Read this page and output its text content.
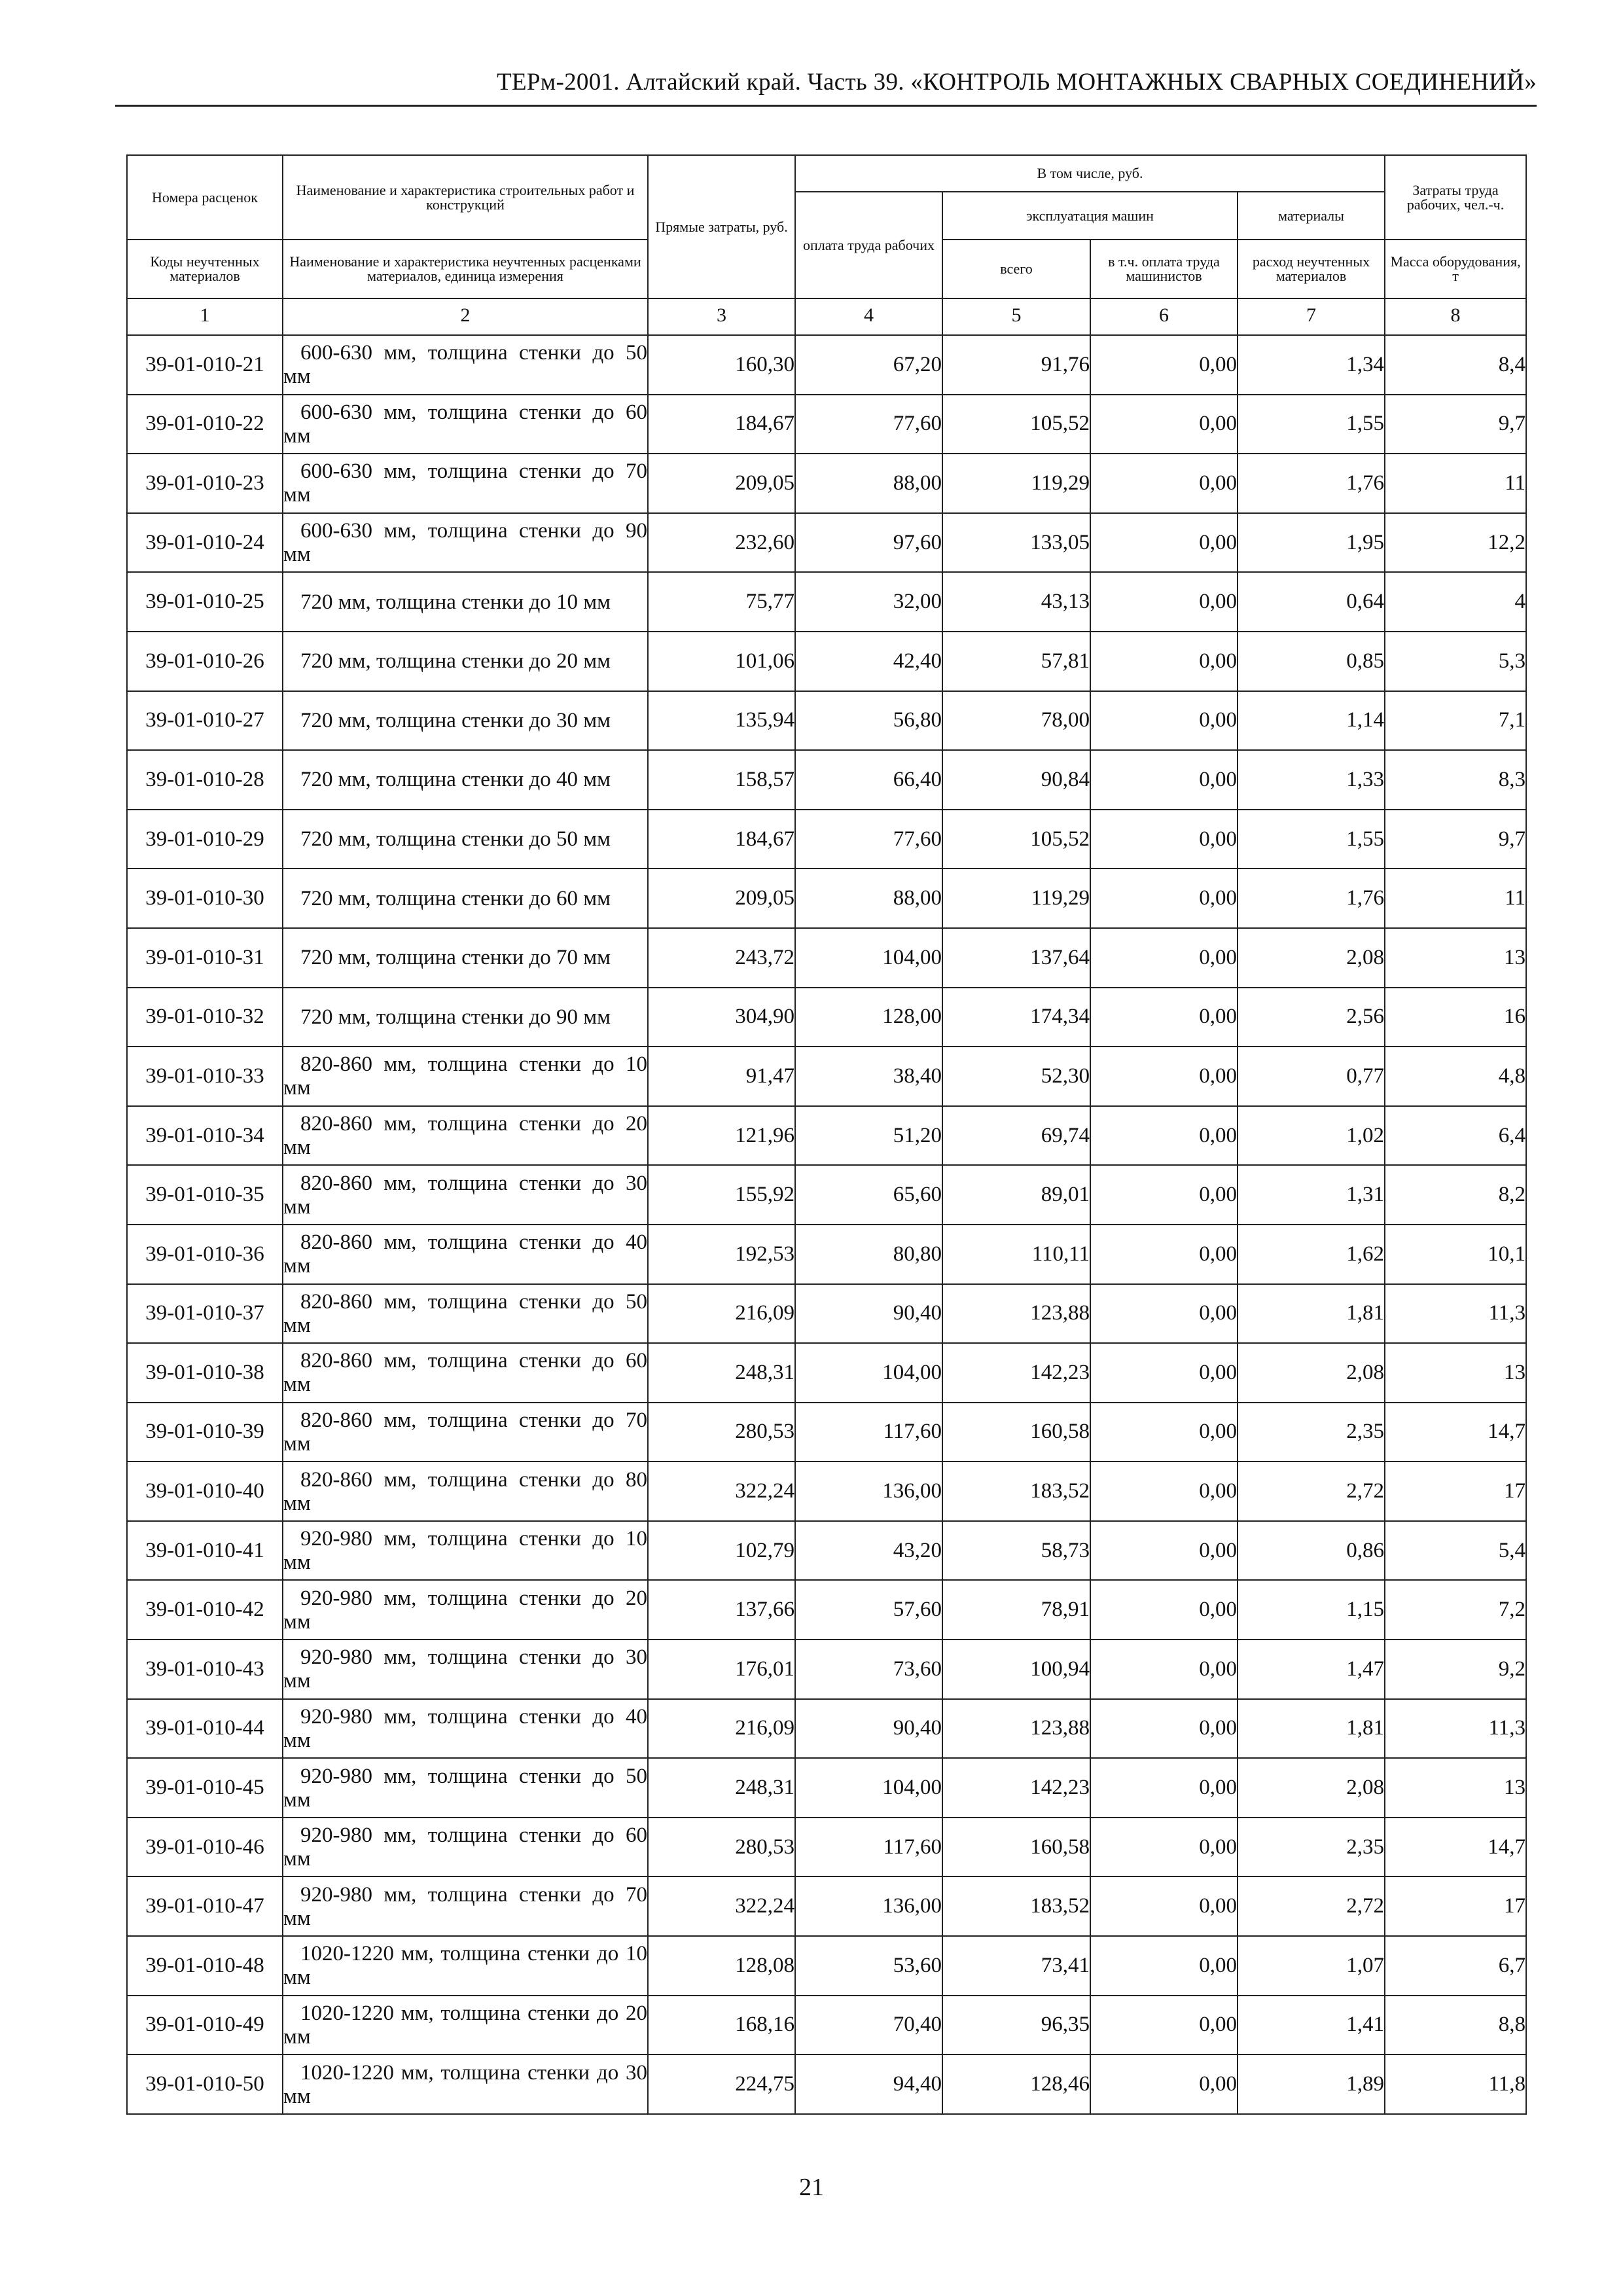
ТЕРм-2001. Алтайский край. Часть 39. «КОНТРОЛЬ МОНТАЖНЫХ СВАРНЫХ СОЕДИНЕНИЙ»
Номера расценок	Наименование и характеристика строительных работ и конструкций	Прямые затраты, руб.	В том числе, руб.				Затраты труда рабочих, чел.-ч.
			оплата труда рабочих	эксплуатация машин		материалы	
Коды неучтенных материалов	Наименование и характеристика неучтенных расценками материалов, единица измерения			всего	в т.ч. оплата труда машинистов	расход неучтенных материалов	Масса оборудования, т
1	2	3	4	5	6	7	8
39-01-010-21	600-630 мм, толщина стенки до 50 мм	160,30	67,20	91,76	0,00	1,34	8,4
39-01-010-22	600-630 мм, толщина стенки до 60 мм	184,67	77,60	105,52	0,00	1,55	9,7
39-01-010-23	600-630 мм, толщина стенки до 70 мм	209,05	88,00	119,29	0,00	1,76	11
39-01-010-24	600-630 мм, толщина стенки до 90 мм	232,60	97,60	133,05	0,00	1,95	12,2
39-01-010-25	720 мм, толщина стенки до 10 мм	75,77	32,00	43,13	0,00	0,64	4
39-01-010-26	720 мм, толщина стенки до 20 мм	101,06	42,40	57,81	0,00	0,85	5,3
39-01-010-27	720 мм, толщина стенки до 30 мм	135,94	56,80	78,00	0,00	1,14	7,1
39-01-010-28	720 мм, толщина стенки до 40 мм	158,57	66,40	90,84	0,00	1,33	8,3
39-01-010-29	720 мм, толщина стенки до 50 мм	184,67	77,60	105,52	0,00	1,55	9,7
39-01-010-30	720 мм, толщина стенки до 60 мм	209,05	88,00	119,29	0,00	1,76	11
39-01-010-31	720 мм, толщина стенки до 70 мм	243,72	104,00	137,64	0,00	2,08	13
39-01-010-32	720 мм, толщина стенки до 90 мм	304,90	128,00	174,34	0,00	2,56	16
39-01-010-33	820-860 мм, толщина стенки до 10 мм	91,47	38,40	52,30	0,00	0,77	4,8
39-01-010-34	820-860 мм, толщина стенки до 20 мм	121,96	51,20	69,74	0,00	1,02	6,4
39-01-010-35	820-860 мм, толщина стенки до 30 мм	155,92	65,60	89,01	0,00	1,31	8,2
39-01-010-36	820-860 мм, толщина стенки до 40 мм	192,53	80,80	110,11	0,00	1,62	10,1
39-01-010-37	820-860 мм, толщина стенки до 50 мм	216,09	90,40	123,88	0,00	1,81	11,3
39-01-010-38	820-860 мм, толщина стенки до 60 мм	248,31	104,00	142,23	0,00	2,08	13
39-01-010-39	820-860 мм, толщина стенки до 70 мм	280,53	117,60	160,58	0,00	2,35	14,7
39-01-010-40	820-860 мм, толщина стенки до 80 мм	322,24	136,00	183,52	0,00	2,72	17
39-01-010-41	920-980 мм, толщина стенки до 10 мм	102,79	43,20	58,73	0,00	0,86	5,4
39-01-010-42	920-980 мм, толщина стенки до 20 мм	137,66	57,60	78,91	0,00	1,15	7,2
39-01-010-43	920-980 мм, толщина стенки до 30 мм	176,01	73,60	100,94	0,00	1,47	9,2
39-01-010-44	920-980 мм, толщина стенки до 40 мм	216,09	90,40	123,88	0,00	1,81	11,3
39-01-010-45	920-980 мм, толщина стенки до 50 мм	248,31	104,00	142,23	0,00	2,08	13
39-01-010-46	920-980 мм, толщина стенки до 60 мм	280,53	117,60	160,58	0,00	2,35	14,7
39-01-010-47	920-980 мм, толщина стенки до 70 мм	322,24	136,00	183,52	0,00	2,72	17
39-01-010-48	1020-1220 мм, толщина стенки до 10 мм	128,08	53,60	73,41	0,00	1,07	6,7
39-01-010-49	1020-1220 мм, толщина стенки до 20 мм	168,16	70,40	96,35	0,00	1,41	8,8
39-01-010-50	1020-1220 мм, толщина стенки до 30 мм	224,75	94,40	128,46	0,00	1,89	11,8
21
